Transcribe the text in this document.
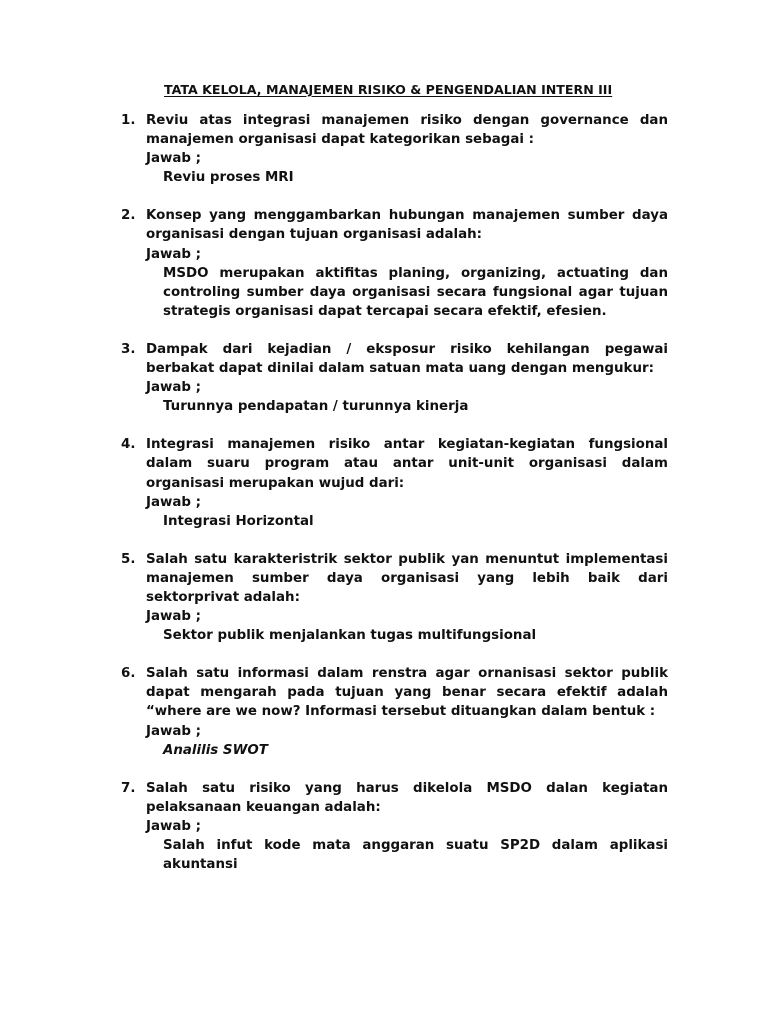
TATA KELOLA, MANAJEMEN RISIKO & PENGENDALIAN INTERN III
1. Reviu atas integrasi manajemen risiko dengan governance dan manajemen organisasi dapat kategorikan sebagai :
Jawab ;
Reviu proses MRI
2. Konsep yang menggambarkan hubungan manajemen sumber daya organisasi dengan tujuan organisasi adalah:
Jawab ;
MSDO merupakan aktifitas planing, organizing, actuating dan controling sumber daya organisasi secara fungsional agar tujuan strategis organisasi dapat tercapai secara efektif, efesien.
3. Dampak dari kejadian / eksposur risiko kehilangan pegawai berbakat dapat dinilai dalam satuan mata uang dengan mengukur:
Jawab ;
Turunnya pendapatan / turunnya kinerja
4. Integrasi manajemen risiko antar kegiatan-kegiatan fungsional dalam suaru program atau antar unit-unit organisasi dalam organisasi merupakan wujud dari:
Jawab ;
Integrasi Horizontal
5. Salah satu karakteristrik sektor publik yan menuntut implementasi manajemen sumber daya organisasi yang lebih baik dari sektorprivat adalah:
Jawab ;
Sektor publik menjalankan tugas multifungsional
6. Salah satu informasi dalam renstra agar ornanisasi sektor publik dapat mengarah pada tujuan yang benar secara efektif adalah “where are we now? Informasi tersebut dituangkan dalam bentuk :
Jawab ;
Analilis SWOT
7. Salah satu risiko yang harus dikelola MSDO dalan kegiatan pelaksanaan keuangan adalah:
Jawab ;
Salah infut kode mata anggaran suatu SP2D dalam aplikasi akuntansi
